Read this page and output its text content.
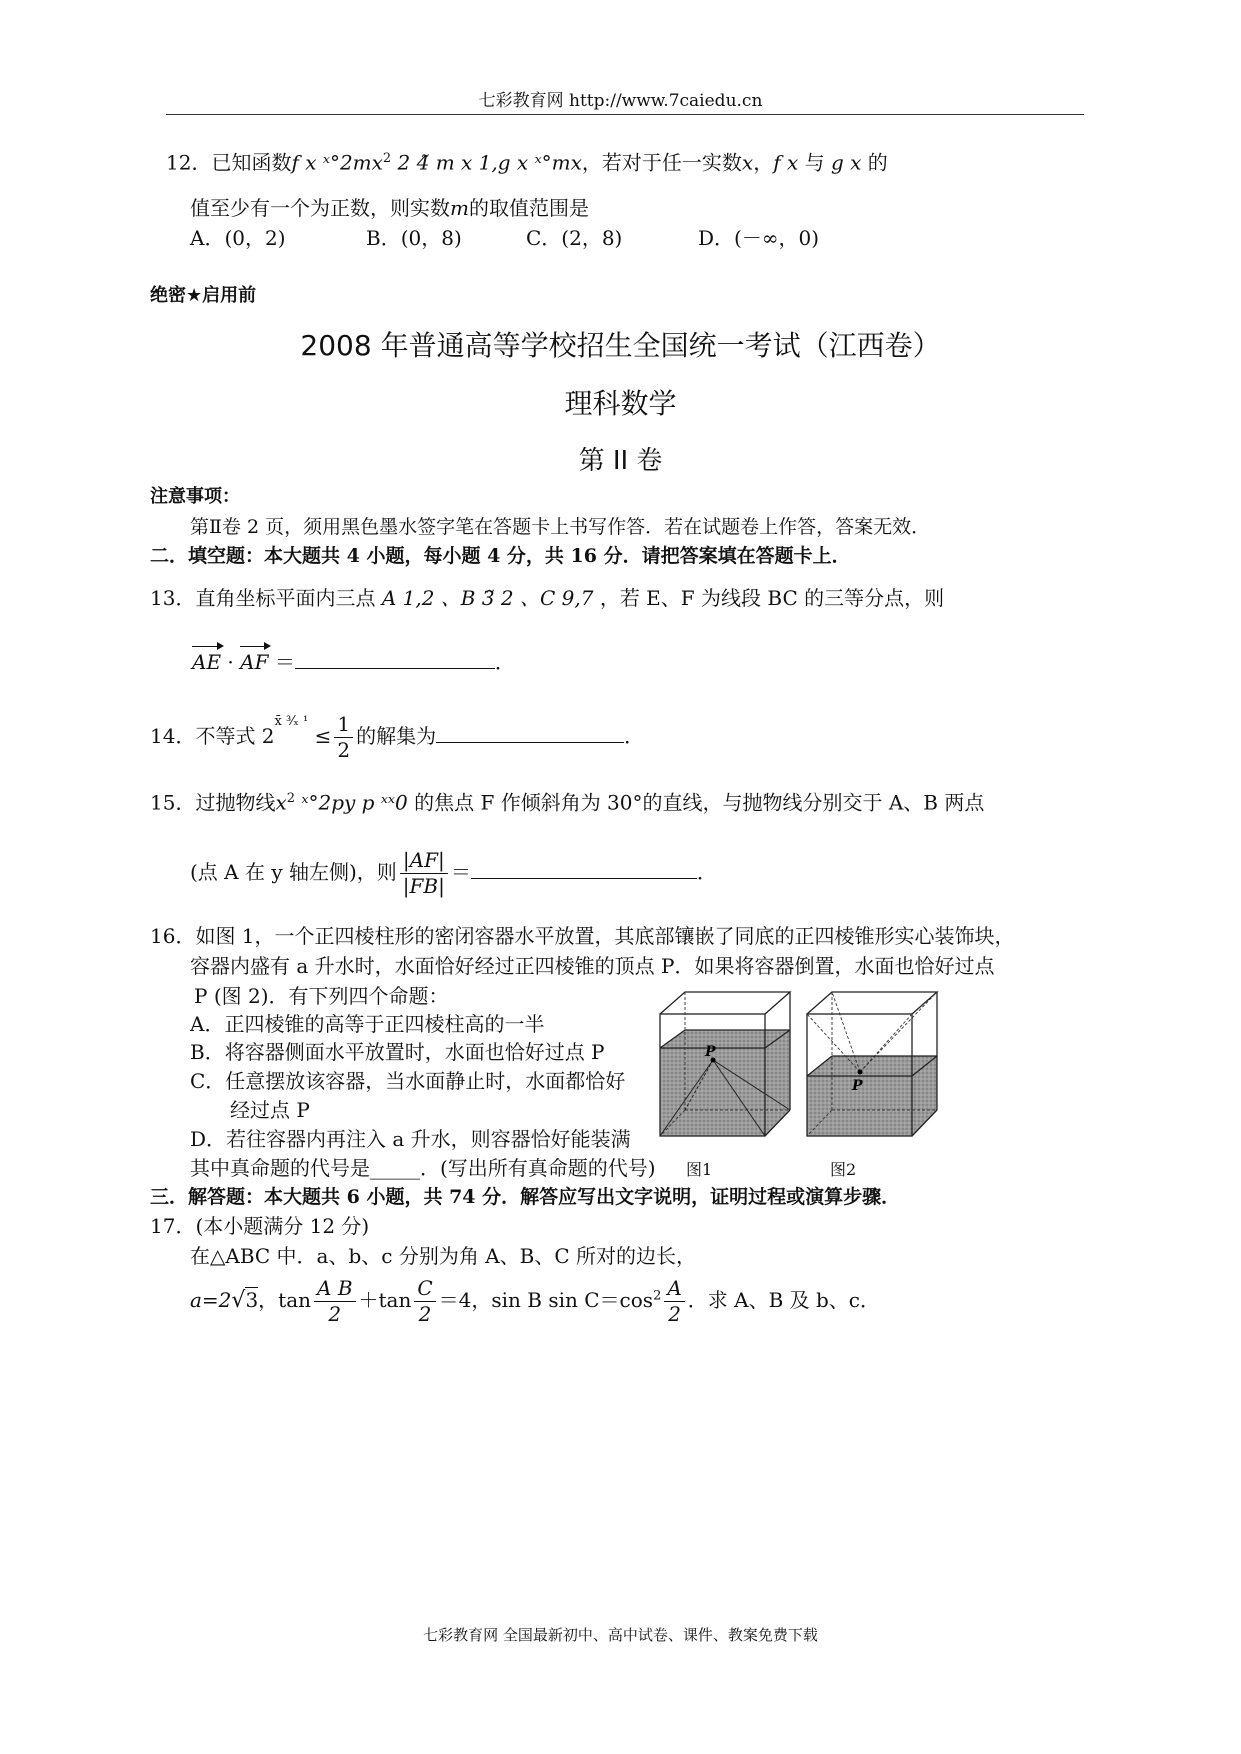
七彩教育网 http://www.7caiedu.cn
12．已知函数f x $ˣ^\circ 2mx^2$ 2 4̃ m x 1,g x ˣ°mx，若对于任一实数x，f x 与 g x 的
值至少有一个为正数，则实数m的取值范围是
A．(0，2)	B．(0，8)	C．(2，8)	D．(－∞，0)
绝密★启用前
2008 年普通高等学校招生全国统一考试（江西卷）
理科数学
第 II 卷
注意事项：
第Ⅱ卷 2 页，须用黑色墨水签字笔在答题卡上书写作答．若在试题卷上作答，答案无效．
二．填空题：本大题共 4 小题，每小题 4 分，共 16 分．请把答案填在答题卡上．
13．直角坐标平面内三点 A 1,2 、B 3̃ 2 、C 9,7 ，若 E、F 为线段 BC 的三等分点，则
AE · AF ＝	．
14．不等式 $2^{x̄ ^3⁄_x ^1} \le \frac{1}{2}$ 的解集为	．
15．过抛物线$x^2$ ˣ°2py p ˣˣ0 的焦点 F 作倾斜角为 30°的直线，与抛物线分别交于 A、B 两点
(点 A 在 y 轴左侧)，则 $\frac{|AF|}{|FB|}$ ＝	．
16．如图 1，一个正四棱柱形的密闭容器水平放置，其底部镶嵌了同底的正四棱锥形实心装饰块，
容器内盛有 a 升水时，水面恰好经过正四棱锥的顶点 P．如果将容器倒置，水面也恰好过点
P (图 2)．有下列四个命题：
A．正四棱锥的高等于正四棱柱高的一半
B．将容器侧面水平放置时，水面也恰好过点 P
C．任意摆放该容器，当水面静止时，水面都恰好
经过点 P
D．若往容器内再注入 a 升水，则容器恰好能装满
其中真命题的代号是_____．(写出所有真命题的代号)
P
图1
P
图2
三．解答题：本大题共 6 小题，共 74 分．解答应写出文字说明，证明过程或演算步骤．
17．(本小题满分 12 分)
在△ABC 中．a、b、c 分别为角 A、B、C 所对的边长，
a=2√3，$\tan \frac{\text{A B}}{2} +\tan \frac{C}{2} =4$，sin B $\sin C=\cos^2 \frac{A}{2}$ ．求 A、B 及 b、c．
七彩教育网 全国最新初中、高中试卷、课件、教案免费下载
